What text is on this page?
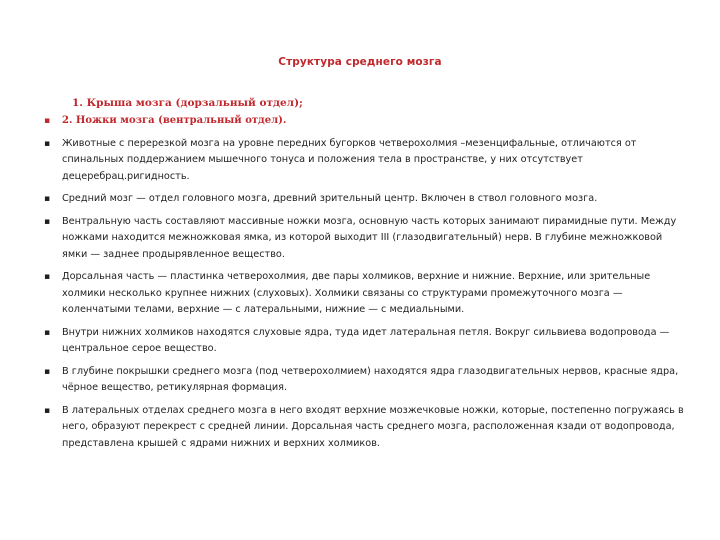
Структура среднего мозга
1. Крыша мозга (дорзальный отдел);
▪	2. Ножки мозга (вентральный отдел).
▪	Животные с перерезкой мозга на уровне передних бугорков четверохолмия –мезенцифальные, отличаются от спинальных поддержанием мышечного тонуса и положения тела в пространстве, у них отсутствует децеребрац.ригидность.
▪	Средний мозг — отдел головного мозга, древний зрительный центр. Включен в ствол головного мозга.
▪	Вентральную часть составляют массивные ножки мозга, основную часть которых занимают пирамидные пути. Между ножками находится межножковая ямка, из которой выходит III (глазодвигательный) нерв. В глубине межножковой ямки — заднее продырявленное вещество.
▪	Дорсальная часть — пластинка четверохолмия, две пары холмиков, верхние и нижние. Верхние, или зрительные холмики несколько крупнее нижних (слуховых). Холмики связаны со структурами промежуточного мозга — коленчатыми телами, верхние — с латеральными, нижние — с медиальными.
▪	Внутри нижних холмиков находятся слуховые ядра, туда идет латеральная петля. Вокруг сильвиева водопровода — центральное серое вещество.
▪	В глубине покрышки среднего мозга (под четверохолмием) находятся ядра глазодвигательных нервов, красные ядра, чёрное вещество, ретикулярная формация.
▪	В латеральных отделах среднего мозга в него входят верхние мозжечковые ножки, которые, постепенно погружаясь в него, образуют перекрест с средней линии. Дорсальная часть среднего мозга, расположенная кзади от водопровода, представлена крышей с ядрами нижних и верхних холмиков.
